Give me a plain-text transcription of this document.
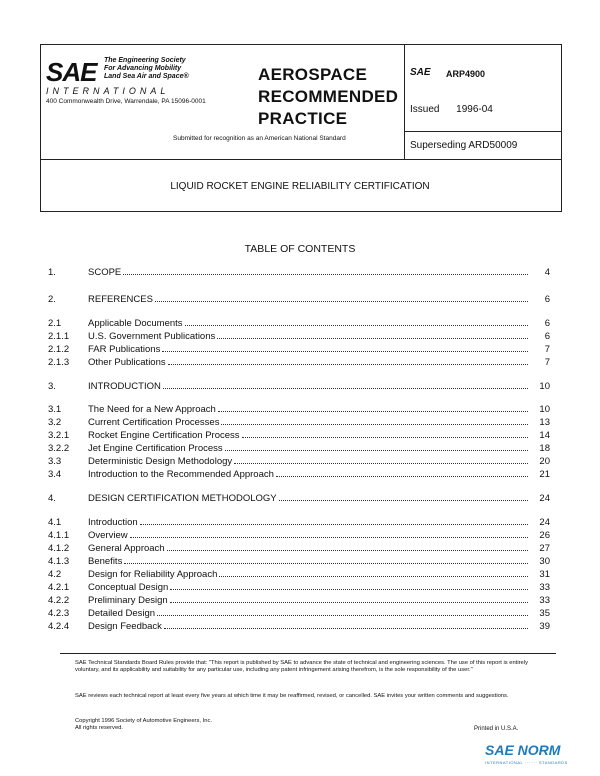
SAE The Engineering Society
For Advancing Mobility
Land Sea Air and Space®
INTERNATIONAL
400 Commonwealth Drive, Warrendale, PA 15096-0001
AEROSPACE
RECOMMENDED
PRACTICE
Submitted for recognition as an American National Standard
SAE ARP4900
Issued 1996-04
Superseding ARD50009
LIQUID ROCKET ENGINE RELIABILITY CERTIFICATION
TABLE OF CONTENTS
1.	SCOPE	4
2.	REFERENCES	6
2.1	Applicable Documents	6
2.1.1	U.S. Government Publications	6
2.1.2	FAR Publications	7
2.1.3	Other Publications	7
3.	INTRODUCTION	10
3.1	The Need for a New Approach	10
3.2	Current Certification Processes	13
3.2.1	Rocket Engine Certification Process	14
3.2.2	Jet Engine Certification Process	18
3.3	Deterministic Design Methodology	20
3.4	Introduction to the Recommended Approach	21
4.	DESIGN CERTIFICATION METHODOLOGY	24
4.1	Introduction	24
4.1.1	Overview	26
4.1.2	General Approach	27
4.1.3	Benefits	30
4.2	Design for Reliability Approach	31
4.2.1	Conceptual Design	33
4.2.2	Preliminary Design	33
4.2.3	Detailed Design	35
4.2.4	Design Feedback	39
SAE Technical Standards Board Rules provide that: "This report is published by SAE to advance the state of technical and engineering sciences. The use of this report is entirely voluntary, and its applicability and suitability for any particular use, including any patent infringement arising therefrom, is the sole responsibility of the user."
SAE reviews each technical report at least every five years at which time it may be reaffirmed, revised, or cancelled. SAE invites your written comments and suggestions.
Copyright 1996 Society of Automotive Engineers, Inc.
All rights reserved.	Printed in U.S.A.
SAE NORM
INTERNATIONAL ··· ··· STANDARDS
